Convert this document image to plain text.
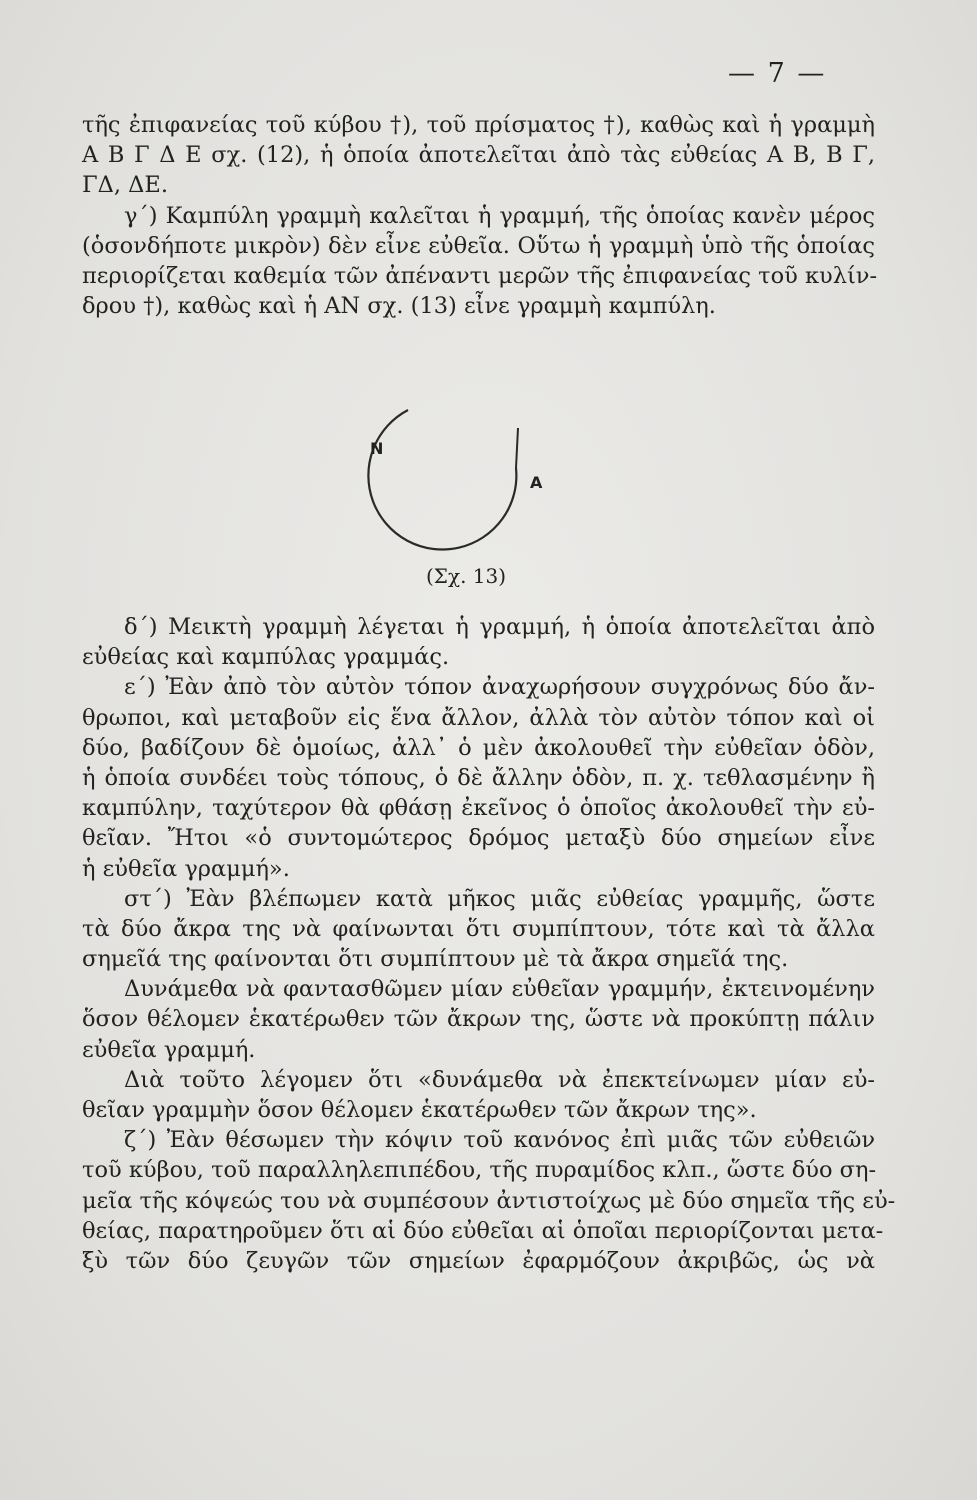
— 7 —
τῆς ἐπιφανείας τοῦ κύβου †), τοῦ πρίσματος †), καθὼς καὶ ἡ γραμμὴ
Α Β Γ Δ Ε σχ. (12), ἡ ὁποία ἀποτελεῖται ἀπὸ τὰς εὐθείας Α Β, Β Γ,
ΓΔ, ΔΕ.
γ΄) Καμπύλη γραμμὴ καλεῖται ἡ γραμμή, τῆς ὁποίας κανὲν μέρος
(ὁσονδήποτε μικρὸν) δὲν εἶνε εὐθεῖα. Οὕτω ἡ γραμμὴ ὑπὸ τῆς ὁποίας
περιορίζεται καθεμία τῶν ἀπέναντι μερῶν τῆς ἐπιφανείας τοῦ κυλίν-
δρου †), καθὼς καὶ ἡ ΑΝ σχ. (13) εἶνε γραμμὴ καμπύλη.
N
A
(Σχ. 13)
δ΄) Μεικτὴ γραμμὴ λέγεται ἡ γραμμή, ἡ ὁποία ἀποτελεῖται ἀπὸ
εὐθείας καὶ καμπύλας γραμμάς.
ε΄) Ἐὰν ἀπὸ τὸν αὐτὸν τόπον ἀναχωρήσουν συγχρόνως δύο ἄν-
θρωποι, καὶ μεταβοῦν εἰς ἕνα ἄλλον, ἀλλὰ τὸν αὐτὸν τόπον καὶ οἱ
δύο, βαδίζουν δὲ ὁμοίως, ἀλλ᾿ ὁ μὲν ἀκολουθεῖ τὴν εὐθεῖαν ὁδὸν,
ἡ ὁποία συνδέει τοὺς τόπους, ὁ δὲ ἄλλην ὁδὸν, π. χ. τεθλασμένην ἢ
καμπύλην, ταχύτερον θὰ φθάσῃ ἐκεῖνος ὁ ὁποῖος ἀκολουθεῖ τὴν εὐ-
θεῖαν. Ἤτοι «ὁ συντομώτερος δρόμος μεταξὺ δύο σημείων εἶνε
ἡ εὐθεῖα γραμμή».
στ΄) Ἐὰν βλέπωμεν κατὰ μῆκος μιᾶς εὐθείας γραμμῆς, ὥστε
τὰ δύο ἄκρα της νὰ φαίνωνται ὅτι συμπίπτουν, τότε καὶ τὰ ἄλλα
σημεῖά της φαίνονται ὅτι συμπίπτουν μὲ τὰ ἄκρα σημεῖά της.
Δυνάμεθα νὰ φαντασθῶμεν μίαν εὐθεῖαν γραμμήν, ἐκτεινομένην
ὅσον θέλομεν ἑκατέρωθεν τῶν ἄκρων της, ὥστε νὰ προκύπτῃ πάλιν
εὐθεῖα γραμμή.
Διὰ τοῦτο λέγομεν ὅτι «δυνάμεθα νὰ ἐπεκτείνωμεν μίαν εὐ-
θεῖαν γραμμὴν ὅσον θέλομεν ἑκατέρωθεν τῶν ἄκρων της».
ζ΄) Ἐὰν θέσωμεν τὴν κόψιν τοῦ κανόνος ἐπὶ μιᾶς τῶν εὐθειῶν
τοῦ κύβου, τοῦ παραλληλεπιπέδου, τῆς πυραμίδος κλπ., ὥστε δύο ση-
μεῖα τῆς κόψεώς του νὰ συμπέσουν ἀντιστοίχως μὲ δύο σημεῖα τῆς εὐ-
θείας, παρατηροῦμεν ὅτι αἱ δύο εὐθεῖαι αἱ ὁποῖαι περιορίζονται μετα-
ξὺ τῶν δύο ζευγῶν τῶν σημείων ἐφαρμόζουν ἀκριβῶς, ὡς νὰ
